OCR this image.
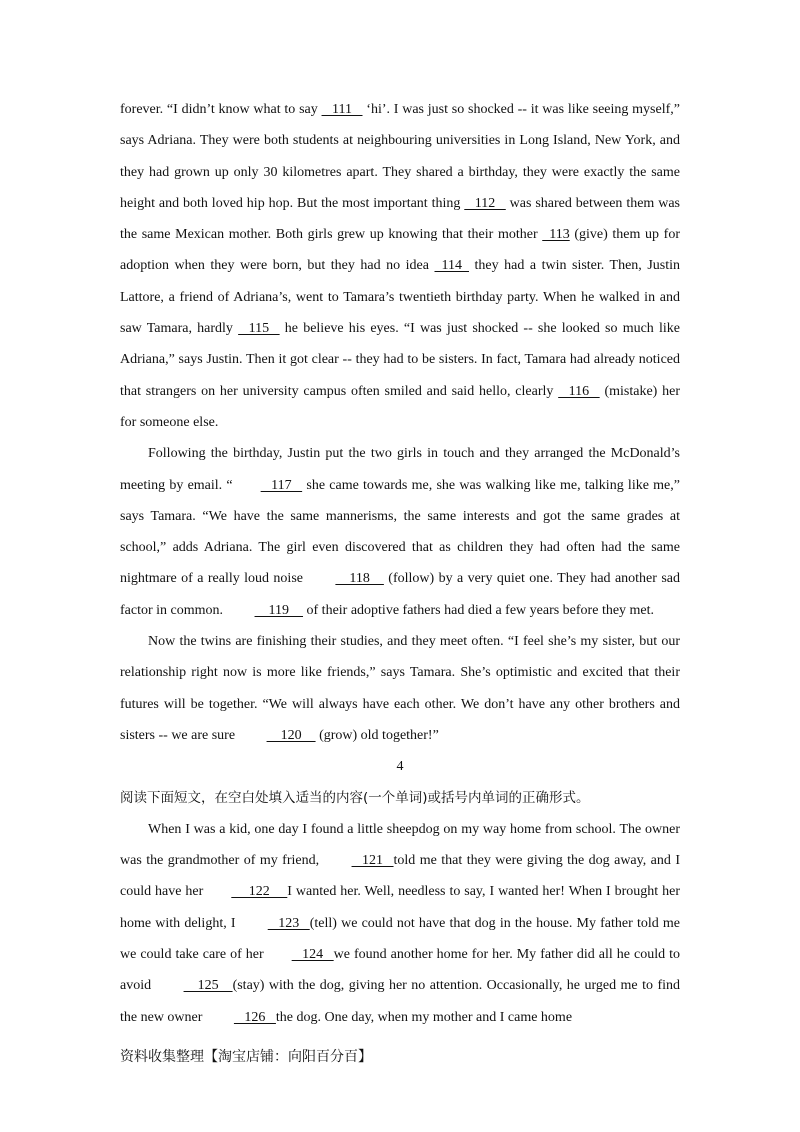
forever. “I didn’t know what to say    111    ‘hi’. I was just so shocked -- it was like seeing myself,” says Adriana. They were both students at neighbouring universities in Long Island, New York, and they had grown up only 30 kilometres apart. They shared a birthday, they were exactly the same height and both loved hip hop. But the most important thing    112    was shared between them was the same Mexican mother. Both girls grew up knowing that their mother   113 (give) them up for adoption when they were born, but they had no idea   114   they had a twin sister. Then, Justin Lattore, a friend of Adriana’s, went to Tamara’s twentieth birthday party. When he walked in and saw Tamara, hardly    115    he believe his eyes. “I was just shocked -- she looked so much like Adriana,” says Justin. Then it got clear -- they had to be sisters. In fact, Tamara had already noticed that strangers on her university campus often smiled and said hello, clearly    116    (mistake) her for someone else.

Following the birthday, Justin put the two girls in touch and they arranged the McDonald’s meeting by email. “   117    she came towards me, she was walking like me, talking like me,” says Tamara. “We have the same mannerisms, the same interests and got the same grades at school,” adds Adriana. The girl even discovered that as children they had often had the same nightmare of a really loud noise     118     (follow) by a very quiet one. They had another sad factor in common.     119     of their adoptive fathers had died a few years before they met.

Now the twins are finishing their studies, and they meet often. “I feel she’s my sister, but our relationship right now is more like friends,” says Tamara. She’s optimistic and excited that their futures will be together. “We will always have each other. We don’t have any other brothers and sisters -- we are sure     120     (grow) old together!”

4

阅读下面短文，在空白处填入适当的内容(一个单词)或括号内单词的正确形式。

When I was a kid, one day I found a little sheepdog on my way home from school. The owner was the grandmother of my friend,    121   told me that they were giving the dog away, and I could have her     122     I wanted her. Well, needless to say, I wanted her! When I brought her home with delight, I    123   (tell) we could not have that dog in the house. My father told me we could take care of her   124   we found another home for her. My father did all he could to avoid     125    (stay) with the dog, giving her no attention. Occasionally, he urged me to find the new owner    126   the dog. One day, when my mother and I came home

资料收集整理【淘宝店铺：向阳百分百】
